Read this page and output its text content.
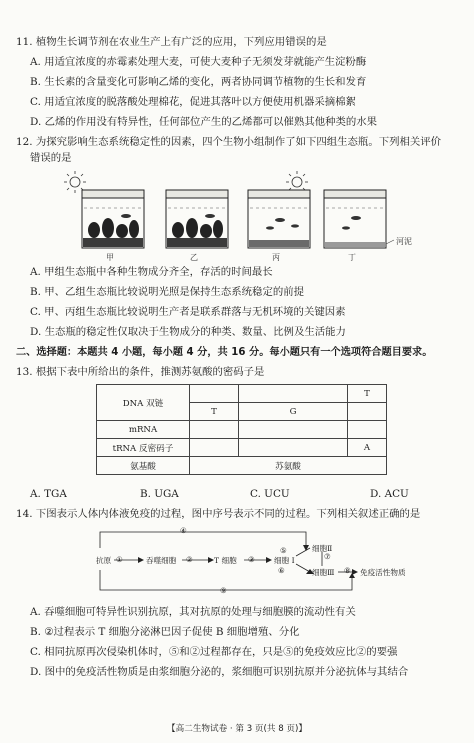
11. 植物生长调节剂在农业生产上有广泛的应用，下列应用错误的是
A. 用适宜浓度的赤霉素处理大麦，可使大麦种子无须发芽就能产生淀粉酶
B. 生长素的含量变化可影响乙烯的变化，两者协同调节植物的生长和发育
C. 用适宜浓度的脱落酸处理棉花，促进其落叶以方便使用机器采摘棉絮
D. 乙烯的作用没有特异性，任何部位产生的乙烯都可以催熟其他种类的水果
12. 为探究影响生态系统稳定性的因素，四个生物小组制作了如下四组生态瓶。下列相关评价
错误的是
甲	乙	丙	丁
河泥
A. 甲组生态瓶中各种生物成分齐全，存活的时间最长
B. 甲、乙组生态瓶比较说明光照是保持生态系统稳定的前提
C. 甲、丙组生态瓶比较说明生产者是联系群落与无机环境的关键因素
D. 生态瓶的稳定性仅取决于生物成分的种类、数量、比例及生活能力
二、选择题：本题共 4 小题，每小题 4 分，共 16 分。每小题只有一个选项符合题目要求。
13. 根据下表中所给出的条件，推测苏氨酸的密码子是
DNA 双链			T
	T	G	
mRNA			
tRNA 反密码子			A
氨基酸	苏氨酸		
A. TGA	B. UGA	C. UCU	D. ACU
14. 下图表示人体内体液免疫的过程，图中序号表示不同的过程。下列相关叙述正确的是
④
①	②	③
⑤
⑥
⑦
⑧
⑨
抗原	吞噬细胞	T 细胞	细胞 Ⅰ
细胞Ⅱ
细胞Ⅲ	免疫活性物质
A. 吞噬细胞可特异性识别抗原，其对抗原的处理与细胞膜的流动性有关
B. ②过程表示 T 细胞分泌淋巴因子促使 B 细胞增殖、分化
C. 相同抗原再次侵染机体时，⑤和②过程都存在，只是⑤的免疫效应比②的要强
D. 图中的免疫活性物质是由浆细胞分泌的，浆细胞可识别抗原并分泌抗体与其结合
【高二生物试卷 · 第 3 页(共 8 页)】
